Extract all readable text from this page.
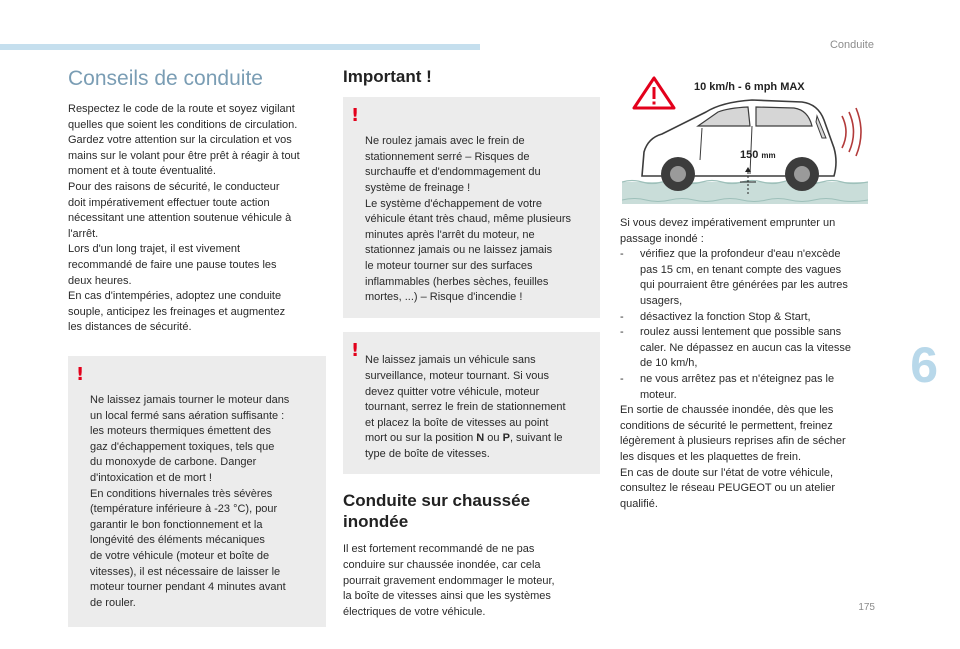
Conduite
6
175
Conseils de conduite
Respectez le code de la route et soyez vigilant
quelles que soient les conditions de circulation.
Gardez votre attention sur la circulation et vos
mains sur le volant pour être prêt à réagir à tout
moment et à toute éventualité.
Pour des raisons de sécurité, le conducteur
doit impérativement effectuer toute action
nécessitant une attention soutenue véhicule à
l'arrêt.
Lors d'un long trajet, il est vivement
recommandé de faire une pause toutes les
deux heures.
En cas d'intempéries, adoptez une conduite
souple, anticipez les freinages et augmentez
les distances de sécurité.

!

Ne laissez jamais tourner le moteur dans
un local fermé sans aération suffisante :
les moteurs thermiques émettent des
gaz d'échappement toxiques, tels que
du monoxyde de carbone. Danger
d'intoxication et de mort !
En conditions hivernales très sévères
(température inférieure à -23 °C), pour
garantir le bon fonctionnement et la
longévité des éléments mécaniques
de votre véhicule (moteur et boîte de
vitesses), il est nécessaire de laisser le
moteur tourner pendant 4 minutes avant
de rouler.

Important !

!

Ne roulez jamais avec le frein de
stationnement serré – Risques de
surchauffe et d'endommagement du
système de freinage !
Le système d'échappement de votre
véhicule étant très chaud, même plusieurs
minutes après l'arrêt du moteur, ne
stationnez jamais ou ne laissez jamais
le moteur tourner sur des surfaces
inflammables (herbes sèches, feuilles
mortes, ...) – Risque d'incendie !

! Ne laissez jamais un véhicule sans
surveillance, moteur tournant. Si vous
devez quitter votre véhicule, moteur
tournant, serrez le frein de stationnement
et placez la boîte de vitesses au point
mort ou sur la position N ou P, suivant le
type de boîte de vitesses.

Conduite sur chaussée
inondée
Il est fortement recommandé de ne pas
conduire sur chaussée inondée, car cela
pourrait gravement endommager le moteur,
la boîte de vitesses ainsi que les systèmes
électriques de votre véhicule.
10 km/h - 6 mph MAX
150 mm
Si vous devez impérativement emprunter un
passage inondé :
- vérifiez que la profondeur d'eau n'excède
pas 15 cm, en tenant compte des vagues
qui pourraient être générées par les autres
usagers,
- désactivez la fonction Stop & Start,
- roulez aussi lentement que possible sans
caler. Ne dépassez en aucun cas la vitesse
de 10 km/h,
- ne vous arrêtez pas et n'éteignez pas le
moteur.
En sortie de chaussée inondée, dès que les
conditions de sécurité le permettent, freinez
légèrement à plusieurs reprises afin de sécher
les disques et les plaquettes de frein.
En cas de doute sur l'état de votre véhicule,
consultez le réseau PEUGEOT ou un atelier
qualifié.
